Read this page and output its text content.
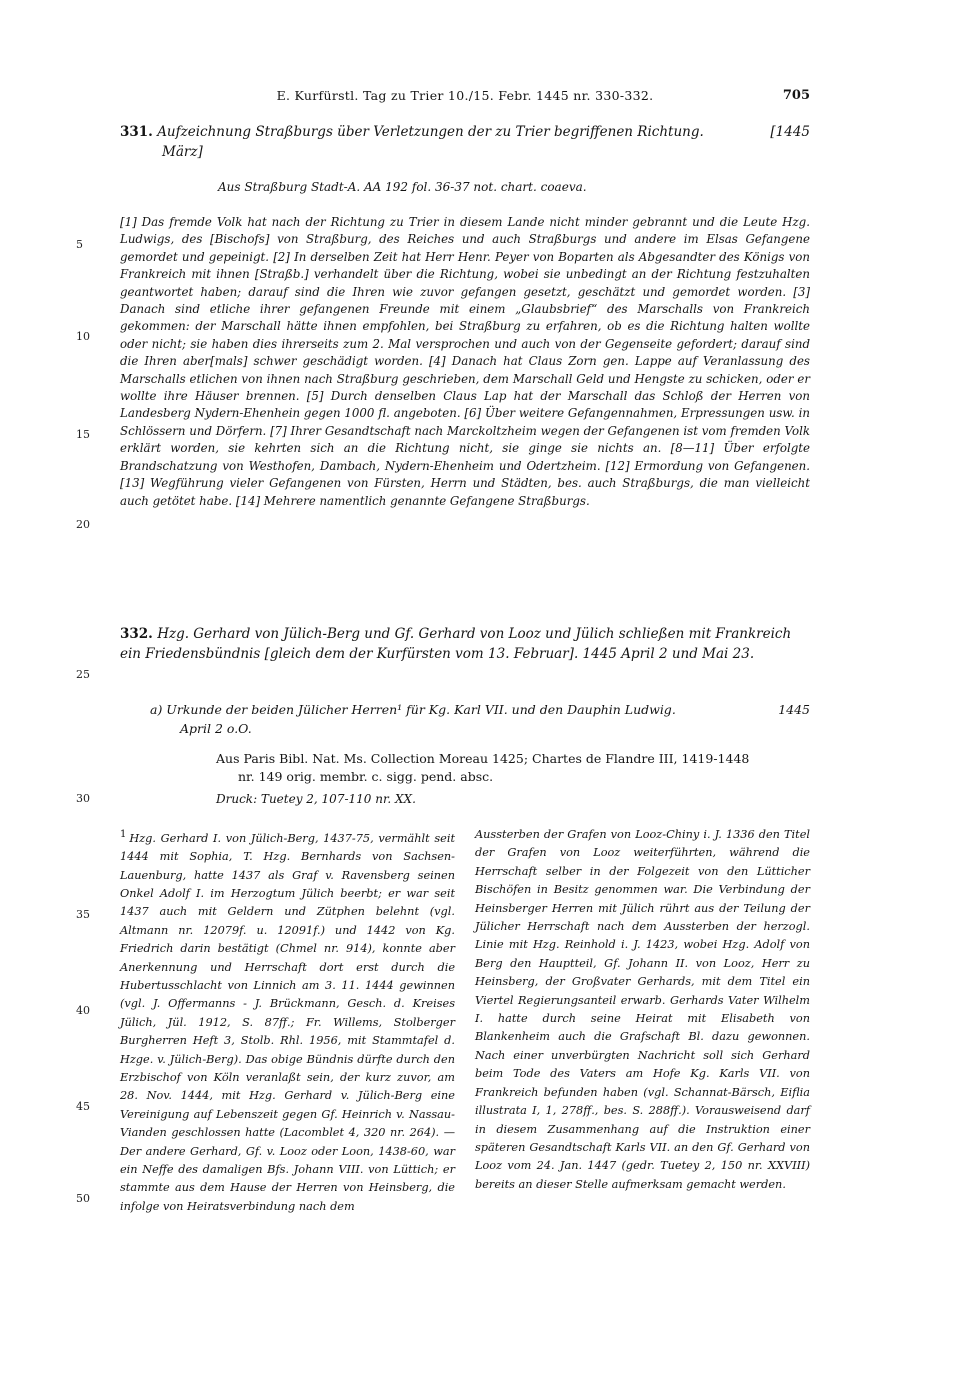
E. Kurfürstl. Tag zu Trier 10./15. Febr. 1445 nr. 330-332.	705
331. Aufzeichnung Straßburgs über Verletzungen der zu Trier begriffenen Richtung.	[1445

März]
Aus Straßburg Stadt-A. AA 192 fol. 36-37 not. chart. coaeva.
[1] Das fremde Volk hat nach der Richtung zu Trier in diesem Lande nicht minder gebrannt und die Leute Hzg. Ludwigs, des [Bischofs] von Straßburg, des Reiches und auch Straßburgs und andere im Elsas Gefangene gemordet und gepeinigt. [2] In derselben Zeit hat Herr Henr. Peyer von Boparten als Abgesandter des Königs von Frankreich mit ihnen [Straßb.] verhandelt über die Richtung, wobei sie unbedingt an der Richtung festzuhalten geantwortet haben; darauf sind die Ihren wie zuvor gefangen gesetzt, geschätzt und gemordet worden. [3] Danach sind etliche ihrer gefangenen Freunde mit einem „Glaubsbrief“ des Marschalls von Frankreich gekommen: der Marschall hätte ihnen empfohlen, bei Straßburg zu erfahren, ob es die Richtung halten wollte oder nicht; sie haben dies ihrerseits zum 2. Mal versprochen und auch von der Gegenseite gefordert; darauf sind die Ihren aber[mals] schwer geschädigt worden. [4] Danach hat Claus Zorn gen. Lappe auf Veranlassung des Marschalls etlichen von ihnen nach Straßburg geschrieben, dem Marschall Geld und Hengste zu schicken, oder er wollte ihre Häuser brennen. [5] Durch denselben Claus Lap hat der Marschall das Schloß der Herren von Landesberg Nydern-Ehenhein gegen 1000 fl. angeboten. [6] Über weitere Gefangennahmen, Erpressungen usw. in Schlössern und Dörfern. [7] Ihrer Gesandtschaft nach Marckoltzheim wegen der Gefangenen ist vom fremden Volk erklärt worden, sie kehrten sich an die Richtung nicht, sie ginge sie nichts an. [8—11] Über erfolgte Brandschatzung von Westhofen, Dambach, Nydern-Ehenheim und Odertzheim. [12] Ermordung von Gefangenen. [13] Wegführung vieler Gefangenen von Fürsten, Herrn und Städten, bes. auch Straßburgs, die man vielleicht auch getötet habe. [14] Mehrere namentlich genannte Gefangene Straßburgs.
332. Hzg. Gerhard von Jülich-Berg und Gf. Gerhard von Looz und Jülich schließen mit Frankreich ein Friedensbündnis [gleich dem der Kurfürsten vom 13. Februar]. 1445 April 2 und Mai 23.
a) Urkunde der beiden Jülicher Herren¹ für Kg. Karl VII. und den Dauphin Ludwig.	1445

April 2 o.O.
Aus Paris Bibl. Nat. Ms. Collection Moreau 1425; Chartes de Flandre III, 1419-1448
nr. 149 orig. membr. c. sigg. pend. absc.
Druck: Tuetey 2, 107-110 nr. XX.
5
10
15
20
25
30
35
40
45
50
1 Hzg. Gerhard I. von Jülich-Berg, 1437-75, vermählt seit 1444 mit Sophia, T. Hzg. Bernhards von Sachsen-Lauenburg, hatte 1437 als Graf v. Ravensberg seinen Onkel Adolf I. im Herzogtum Jülich beerbt; er war seit 1437 auch mit Geldern und Zütphen belehnt (vgl. Altmann nr. 12079f. u. 12091f.) und 1442 von Kg. Friedrich darin bestätigt (Chmel nr. 914), konnte aber Anerkennung und Herrschaft dort erst durch die Hubertusschlacht von Linnich am 3. 11. 1444 gewinnen (vgl. J. Offermanns - J. Brückmann, Gesch. d. Kreises Jülich, Jül. 1912, S. 87ff.; Fr. Willems, Stolberger Burgherren Heft 3, Stolb. Rhl. 1956, mit Stammtafel d. Hzge. v. Jülich-Berg). Das obige Bündnis dürfte durch den Erzbischof von Köln veranlaßt sein, der kurz zuvor, am 28. Nov. 1444, mit Hzg. Gerhard v. Jülich-Berg eine Vereinigung auf Lebenszeit gegen Gf. Heinrich v. Nassau-Vianden geschlossen hatte (Lacomblet 4, 320 nr. 264). — Der andere Gerhard, Gf. v. Looz oder Loon, 1438-60, war ein Neffe des damaligen Bfs. Johann VIII. von Lüttich; er stammte aus dem Hause der Herren von Heinsberg, die infolge von Heiratsverbindung nach dem
Aussterben der Grafen von Looz-Chiny i. J. 1336 den Titel der Grafen von Looz weiterführten, während die Herrschaft selber in der Folgezeit von den Lütticher Bischöfen in Besitz genommen war. Die Verbindung der Heinsberger Herren mit Jülich rührt aus der Teilung der Jülicher Herrschaft nach dem Aussterben der herzogl. Linie mit Hzg. Reinhold i. J. 1423, wobei Hzg. Adolf von Berg den Hauptteil, Gf. Johann II. von Looz, Herr zu Heinsberg, der Großvater Gerhards, mit dem Titel ein Viertel Regierungsanteil erwarb. Gerhards Vater Wilhelm I. hatte durch seine Heirat mit Elisabeth von Blankenheim auch die Grafschaft Bl. dazu gewonnen. Nach einer unverbürgten Nachricht soll sich Gerhard beim Tode des Vaters am Hofe Kg. Karls VII. von Frankreich befunden haben (vgl. Schannat-Bärsch, Eiflia illustrata I, 1, 278ff., bes. S. 288ff.). Vorausweisend darf in diesem Zusammenhang auf die Instruktion einer späteren Gesandtschaft Karls VII. an den Gf. Gerhard von Looz vom 24. Jan. 1447 (gedr. Tuetey 2, 150 nr. XXVIII) bereits an dieser Stelle aufmerksam gemacht werden.
